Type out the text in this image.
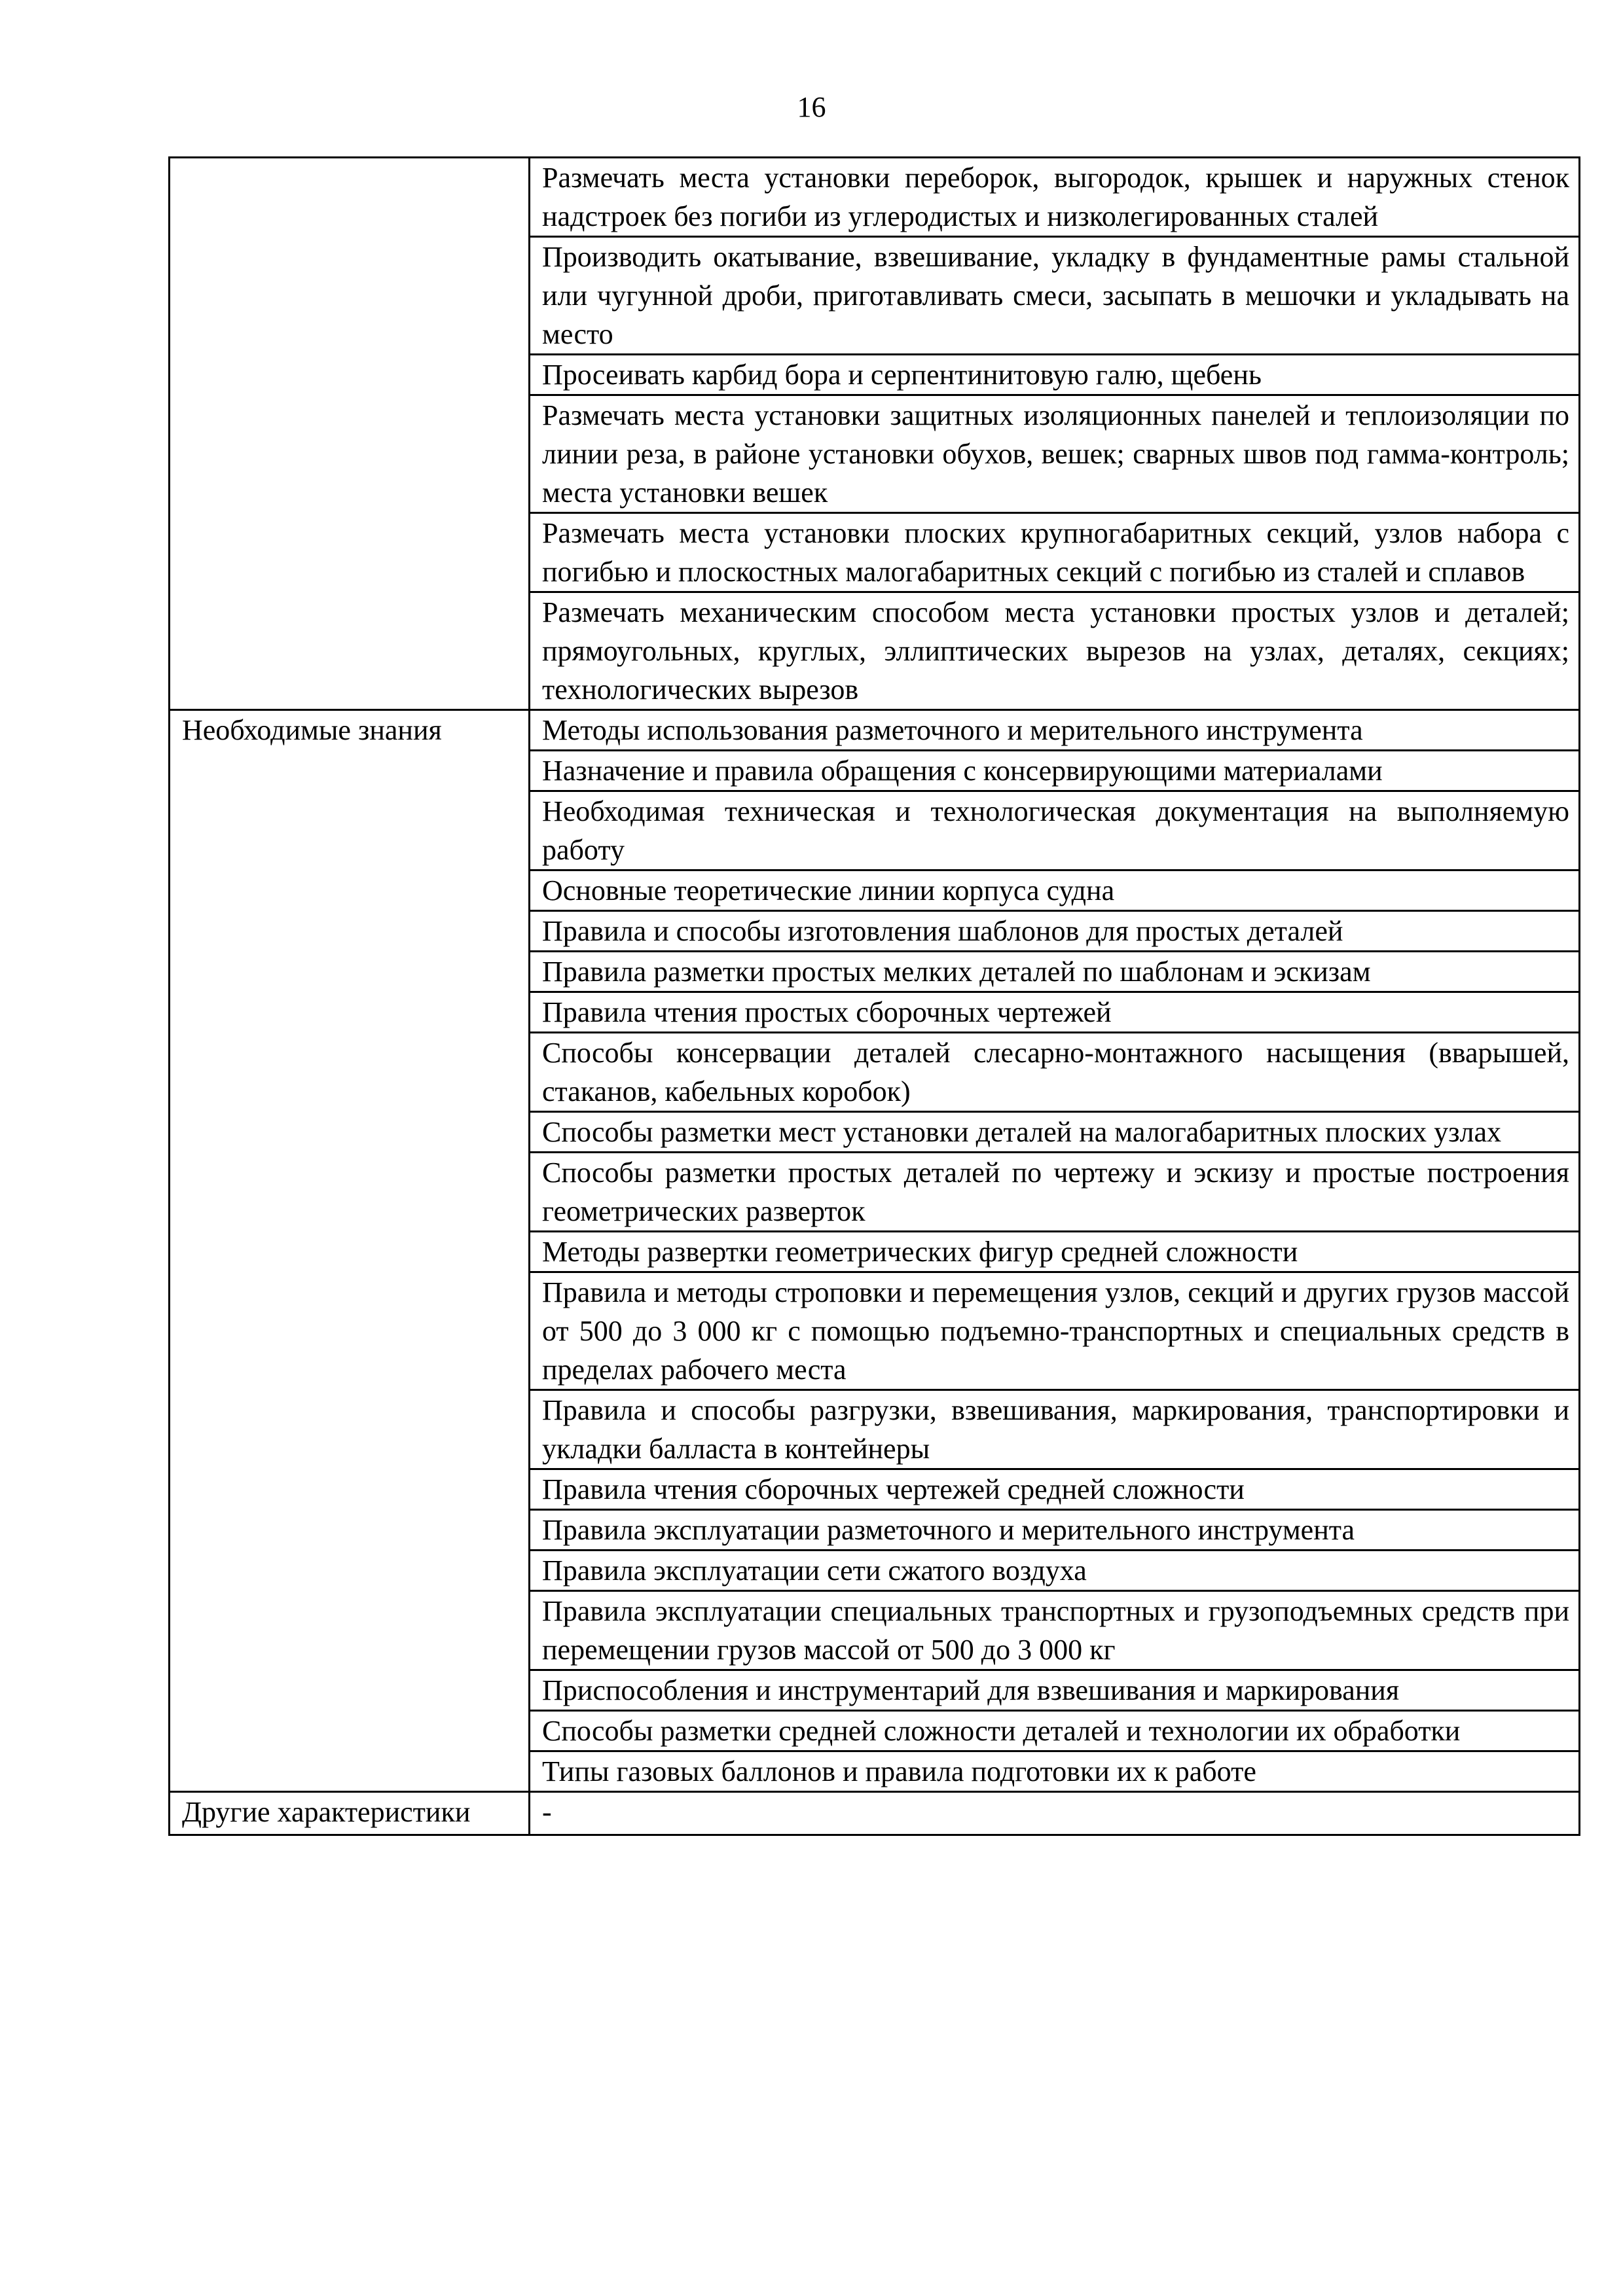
16
	Размечать места установки переборок, выгородок, крышек и наружных стенок надстроек без погиби из углеродистых и низколегированных сталей
	Производить окатывание, взвешивание, укладку в фундаментные рамы стальной или чугунной дроби, приготавливать смеси, засыпать в мешочки и укладывать на место
	Просеивать карбид бора и серпентинитовую галю, щебень
	Размечать места установки защитных изоляционных панелей и теплоизоляции по линии реза, в районе установки обухов, вешек; сварных швов под гамма-контроль; места установки вешек
	Размечать места установки плоских крупногабаритных секций, узлов набора с погибью и плоскостных малогабаритных секций с погибью из сталей и сплавов
	Размечать механическим способом места установки простых узлов и деталей; прямоугольных, круглых, эллиптических вырезов на узлах, деталях, секциях; технологических вырезов
Необходимые знания	Методы использования разметочного и мерительного инструмента
	Назначение и правила обращения с консервирующими материалами
	Необходимая техническая и технологическая документация на выполняемую работу
	Основные теоретические линии корпуса судна
	Правила и способы изготовления шаблонов для простых деталей
	Правила разметки простых мелких деталей по шаблонам и эскизам
	Правила чтения простых сборочных чертежей
	Способы консервации деталей слесарно-монтажного насыщения (вварышей, стаканов, кабельных коробок)
	Способы разметки мест установки деталей на малогабаритных плоских узлах
	Способы разметки простых деталей по чертежу и эскизу и простые построения геометрических разверток
	Методы развертки геометрических фигур средней сложности
	Правила и методы строповки и перемещения узлов, секций и других грузов массой от 500 до 3 000 кг с помощью подъемно-транспортных и специальных средств в пределах рабочего места
	Правила и способы разгрузки, взвешивания, маркирования, транспортировки и укладки балласта в контейнеры
	Правила чтения сборочных чертежей средней сложности
	Правила эксплуатации разметочного и мерительного инструмента
	Правила эксплуатации сети сжатого воздуха
	Правила эксплуатации специальных транспортных и грузоподъемных средств при перемещении грузов массой от 500 до 3 000 кг
	Приспособления и инструментарий для взвешивания и маркирования
	Способы разметки средней сложности деталей и технологии их обработки
	Типы газовых баллонов и правила подготовки их к работе
Другие характеристики	-
